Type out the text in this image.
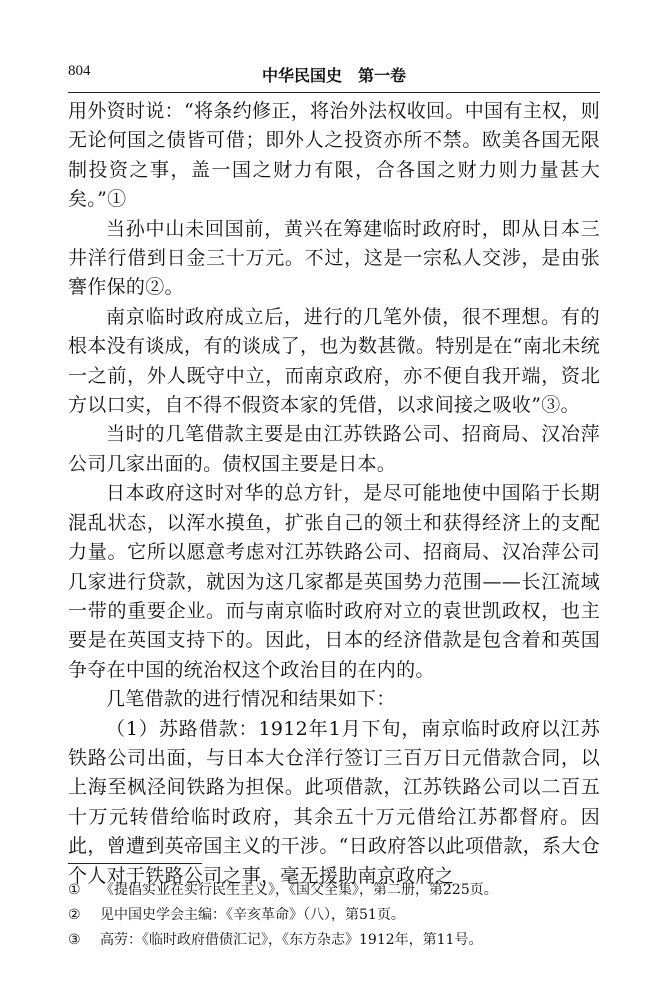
804	中华民国史　第一卷

用外资时说：“将条约修正，将治外法权收回。中国有主权，则无论何国之债皆可借；即外人之投资亦所不禁。欧美各国无限制投资之事，盖一国之财力有限，合各国之财力则力量甚大矣。”①

当孙中山未回国前，黄兴在筹建临时政府时，即从日本三井洋行借到日金三十万元。不过，这是一宗私人交涉，是由张謇作保的②。

南京临时政府成立后，进行的几笔外债，很不理想。有的根本没有谈成，有的谈成了，也为数甚微。特别是在“南北未统一之前，外人既守中立，而南京政府，亦不便自我开端，资北方以口实，自不得不假资本家的凭借，以求间接之吸收”③。

当时的几笔借款主要是由江苏铁路公司、招商局、汉冶萍公司几家出面的。债权国主要是日本。

日本政府这时对华的总方针，是尽可能地使中国陷于长期混乱状态，以浑水摸鱼，扩张自己的领土和获得经济上的支配力量。它所以愿意考虑对江苏铁路公司、招商局、汉冶萍公司几家进行贷款，就因为这几家都是英国势力范围——长江流域一带的重要企业。而与南京临时政府对立的袁世凯政权，也主要是在英国支持下的。因此，日本的经济借款是包含着和英国争夺在中国的统治权这个政治目的在内的。

几笔借款的进行情况和结果如下：

（1）苏路借款：1912年1月下旬，南京临时政府以江苏铁路公司出面，与日本大仓洋行签订三百万日元借款合同，以上海至枫泾间铁路为担保。此项借款，江苏铁路公司以二百五十万元转借给临时政府，其余五十万元借给江苏都督府。因此，曾遭到英帝国主义的干涉。“日政府答以此项借款，系大仓个人对于铁路公司之事，毫无援助南京政府之

① 《提倡实业在实行民生主义》，《国父全集》，第二册，第225页。
② 见中国史学会主编：《辛亥革命》（八），第51页。
③ 高劳：《临时政府借债汇记》，《东方杂志》1912年，第11号。
